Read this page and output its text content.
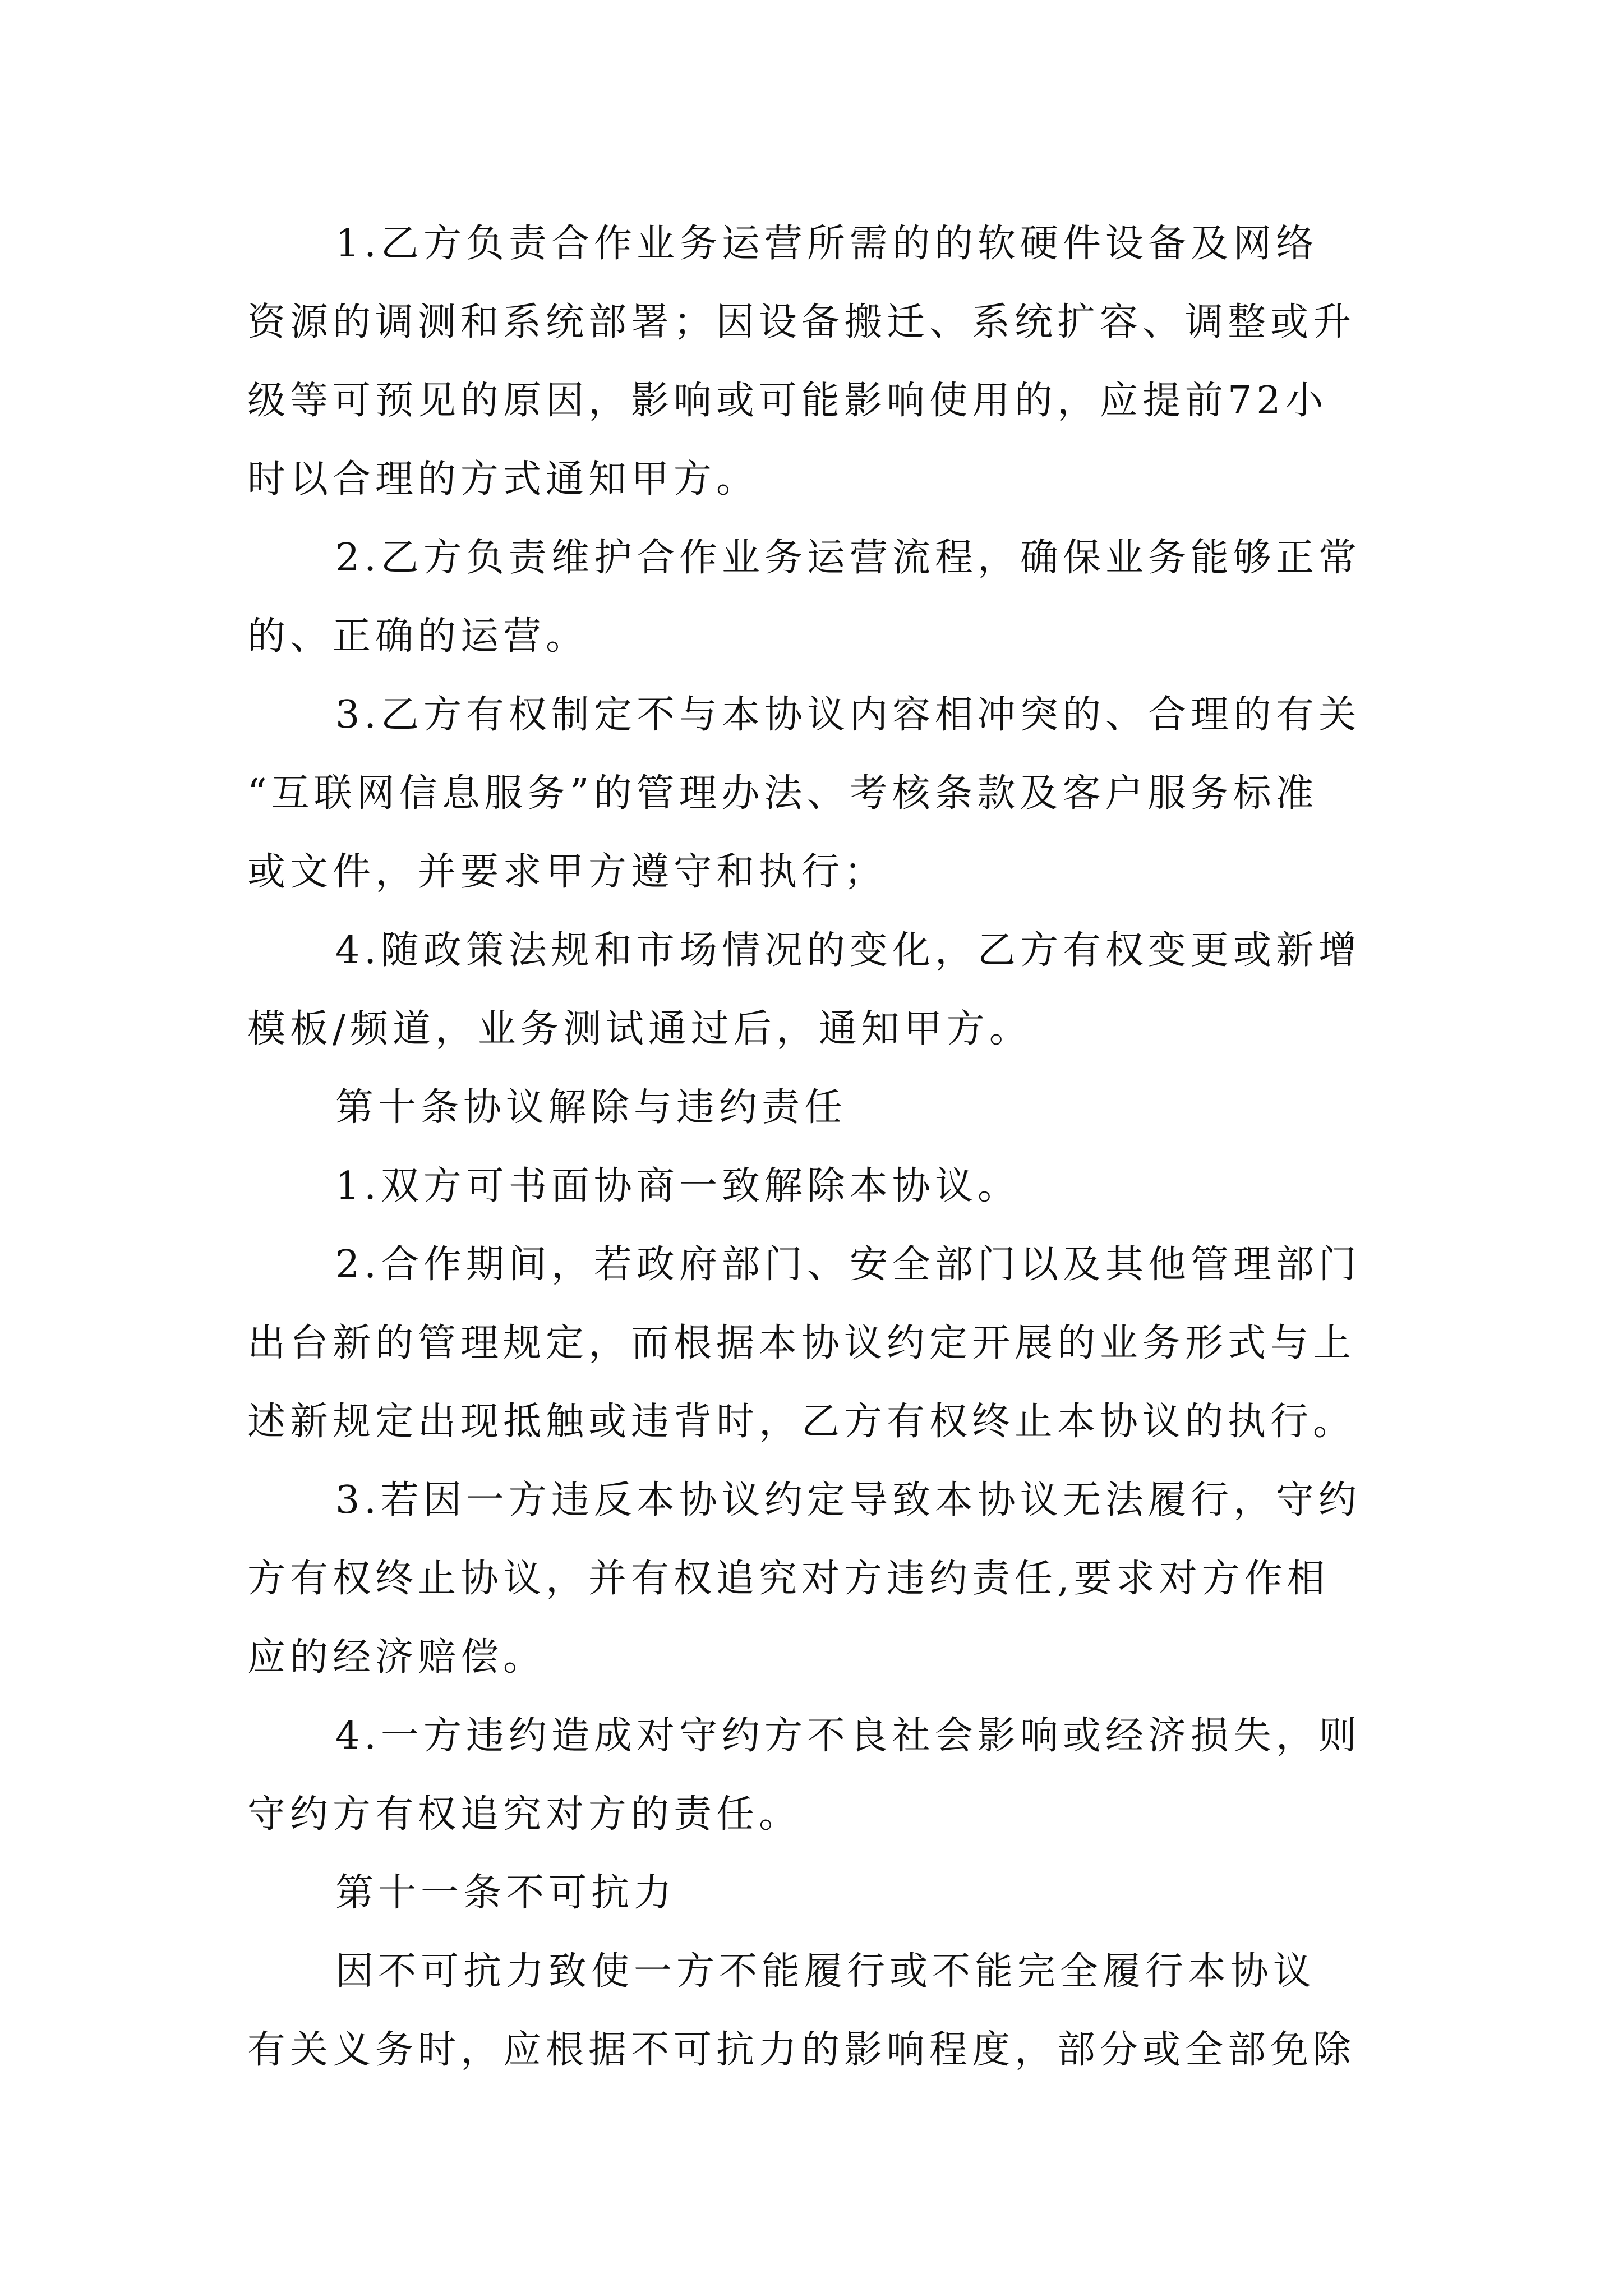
1.乙方负责合作业务运营所需的的软硬件设备及网络
资源的调测和系统部署；因设备搬迁、系统扩容、调整或升
级等可预见的原因，影响或可能影响使用的，应提前72小
时以合理的方式通知甲方。
2.乙方负责维护合作业务运营流程，确保业务能够正常
的、正确的运营。
3.乙方有权制定不与本协议内容相冲突的、合理的有关
“互联网信息服务”的管理办法、考核条款及客户服务标准
或文件，并要求甲方遵守和执行；
4.随政策法规和市场情况的变化，乙方有权变更或新增
模板/频道，业务测试通过后，通知甲方。
第十条协议解除与违约责任
1.双方可书面协商一致解除本协议。
2.合作期间，若政府部门、安全部门以及其他管理部门
出台新的管理规定，而根据本协议约定开展的业务形式与上
述新规定出现抵触或违背时，乙方有权终止本协议的执行。
3.若因一方违反本协议约定导致本协议无法履行，守约
方有权终止协议，并有权追究对方违约责任,要求对方作相
应的经济赔偿。
4.一方违约造成对守约方不良社会影响或经济损失，则
守约方有权追究对方的责任。
第十一条不可抗力
因不可抗力致使一方不能履行或不能完全履行本协议
有关义务时，应根据不可抗力的影响程度，部分或全部免除
